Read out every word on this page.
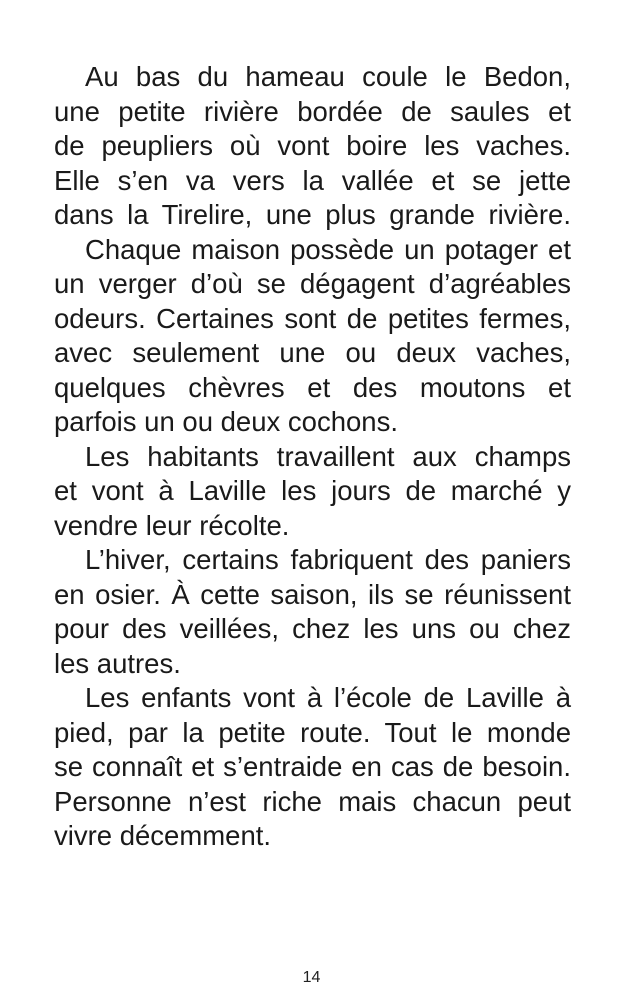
Au bas du hameau coule le Bedon,
une petite rivière bordée de saules et
de peupliers où vont boire les vaches.
Elle s’en va vers la vallée et se jette
dans la Tirelire, une plus grande rivière.
Chaque maison possède un potager et
un verger d’où se dégagent d’agréables
odeurs. Certaines sont de petites fermes,
avec seulement une ou deux vaches,
quelques chèvres et des moutons et
parfois un ou deux cochons.
Les habitants travaillent aux champs
et vont à Laville les jours de marché y
vendre leur récolte.
L’hiver, certains fabriquent des paniers
en osier. À cette saison, ils se réunissent
pour des veillées, chez les uns ou chez
les autres.
Les enfants vont à l’école de Laville à
pied, par la petite route. Tout le monde
se connaît et s’entraide en cas de besoin.
Personne n’est riche mais chacun peut
vivre décemment.
14
